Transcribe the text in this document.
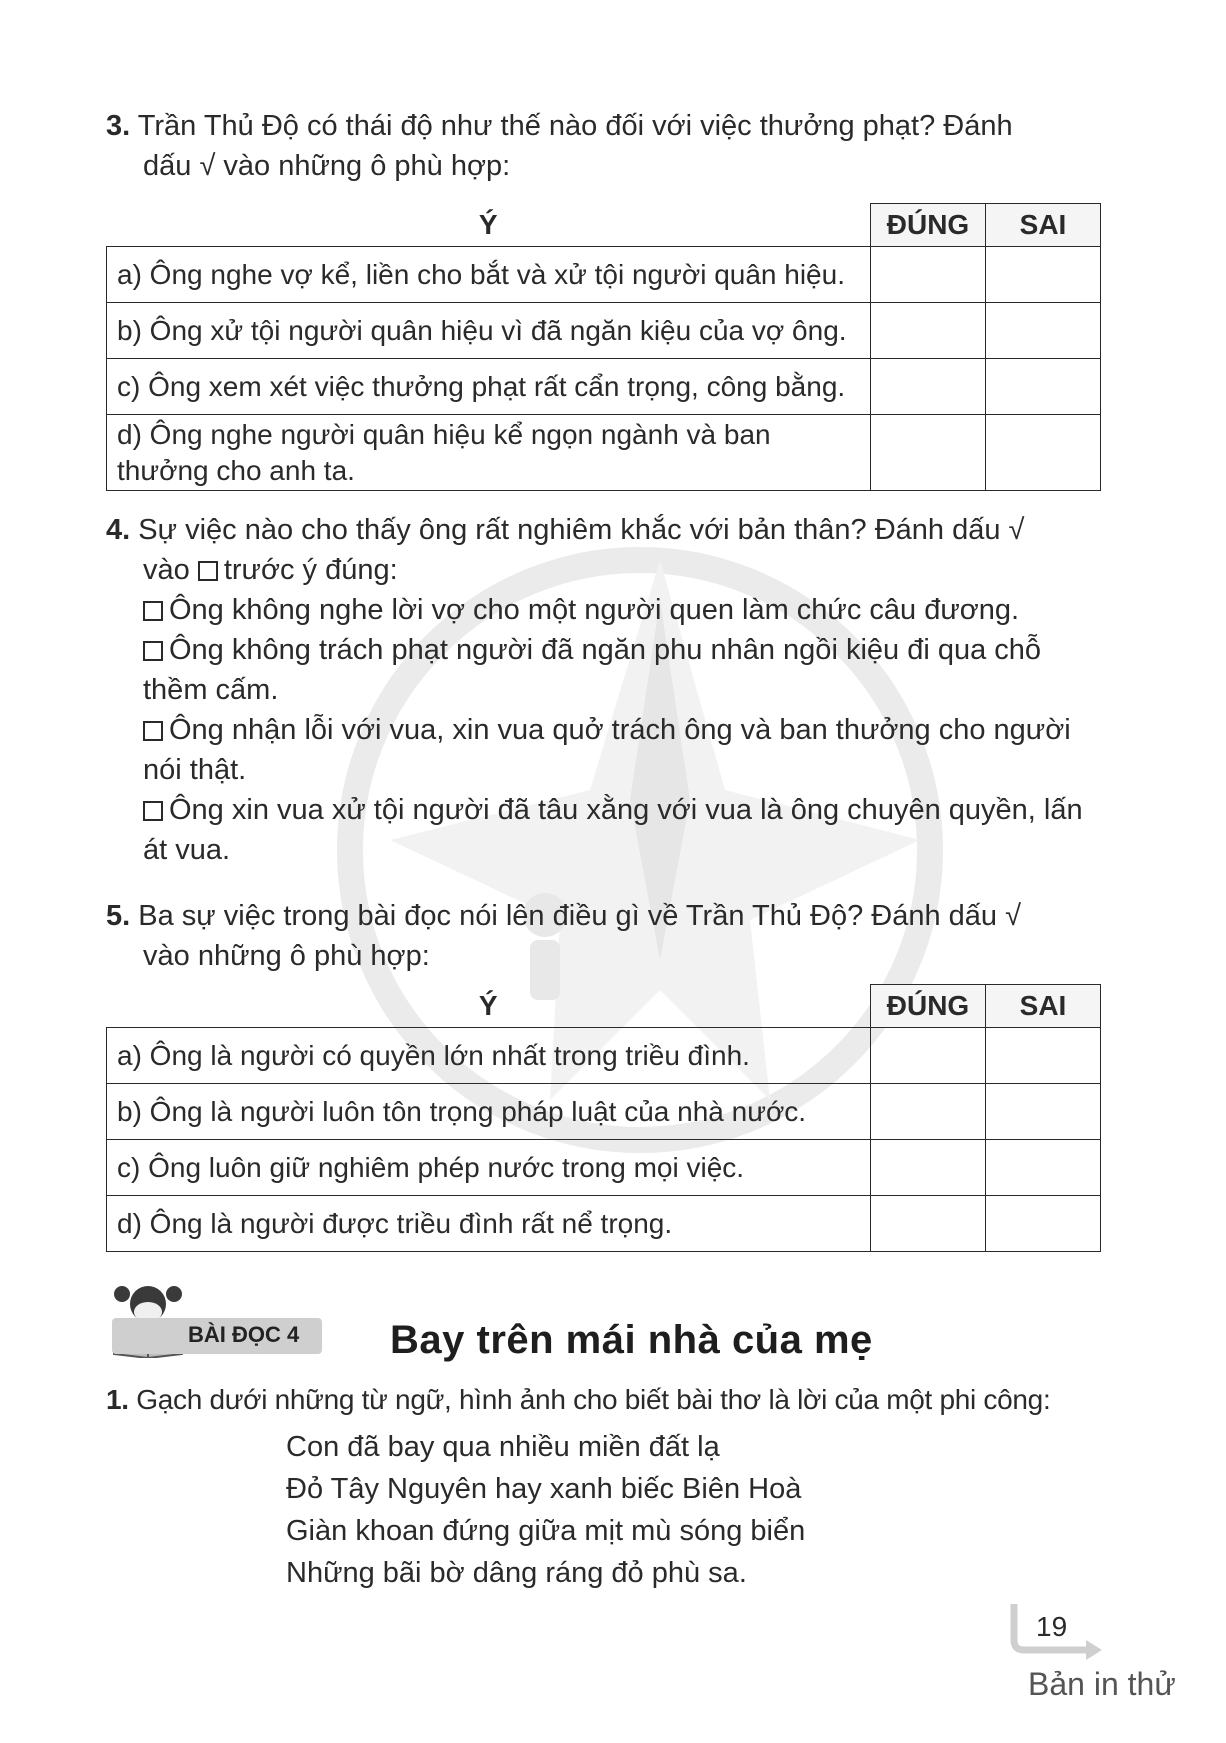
3. Trần Thủ Độ có thái độ như thế nào đối với việc thưởng phạt? Đánh
dấu √ vào những ô phù hợp:
Ý	ĐÚNG	SAI
a) Ông nghe vợ kể, liền cho bắt và xử tội người quân hiệu.		
b) Ông xử tội người quân hiệu vì đã ngăn kiệu của vợ ông.		
c) Ông xem xét việc thưởng phạt rất cẩn trọng, công bằng.		
d) Ông nghe người quân hiệu kể ngọn ngành và ban thưởng cho anh ta.		
4. Sự việc nào cho thấy ông rất nghiêm khắc với bản thân? Đánh dấu √
vào trước ý đúng:
Ông không nghe lời vợ cho một người quen làm chức câu đương.
Ông không trách phạt người đã ngăn phu nhân ngồi kiệu đi qua chỗ thềm cấm.
Ông nhận lỗi với vua, xin vua quở trách ông và ban thưởng cho người nói thật.
Ông xin vua xử tội người đã tâu xằng với vua là ông chuyên quyền, lấn át vua.
5. Ba sự việc trong bài đọc nói lên điều gì về Trần Thủ Độ? Đánh dấu √
vào những ô phù hợp:
Ý	ĐÚNG	SAI
a) Ông là người có quyền lớn nhất trong triều đình.		
b) Ông là người luôn tôn trọng pháp luật của nhà nước.		
c) Ông luôn giữ nghiêm phép nước trong mọi việc.		
d) Ông là người được triều đình rất nể trọng.		
1. Gạch dưới những từ ngữ, hình ảnh cho biết bài thơ là lời của một phi công:
BÀI ĐỌC 4 Bay trên mái nhà của mẹ
Con đã bay qua nhiều miền đất lạ
Đỏ Tây Nguyên hay xanh biếc Biên Hoà
Giàn khoan đứng giữa mịt mù sóng biển
Những bãi bờ dâng ráng đỏ phù sa.
19
Bản in thử
